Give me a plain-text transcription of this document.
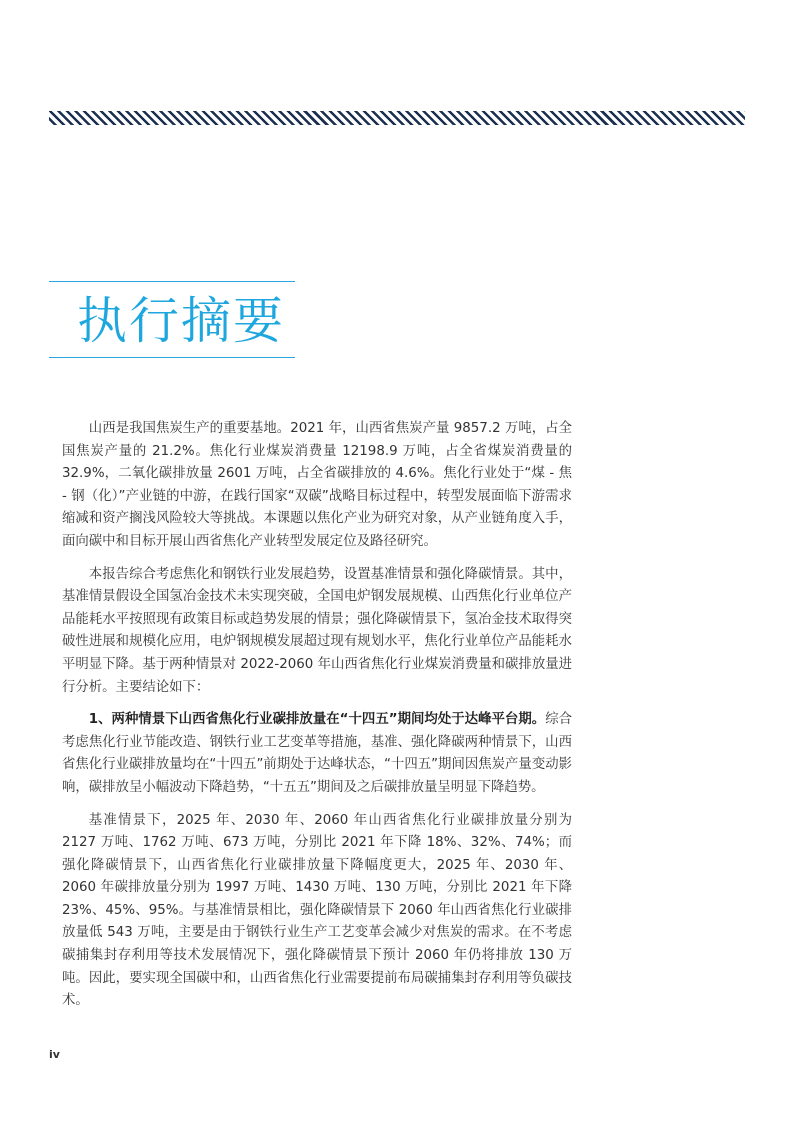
执行摘要

山西是我国焦炭生产的重要基地。2021 年，山西省焦炭产量 9857.2 万吨，占全国焦炭产量的 21.2%。焦化行业煤炭消费量 12198.9 万吨，占全省煤炭消费量的 32.9%，二氧化碳排放量 2601 万吨，占全省碳排放的 4.6%。焦化行业处于“煤 - 焦 - 钢（化）”产业链的中游，在践行国家“双碳”战略目标过程中，转型发展面临下游需求缩减和资产搁浅风险较大等挑战。本课题以焦化产业为研究对象，从产业链角度入手，面向碳中和目标开展山西省焦化产业转型发展定位及路径研究。

本报告综合考虑焦化和钢铁行业发展趋势，设置基准情景和强化降碳情景。其中，基准情景假设全国氢冶金技术未实现突破，全国电炉钢发展规模、山西焦化行业单位产品能耗水平按照现有政策目标或趋势发展的情景；强化降碳情景下，氢冶金技术取得突破性进展和规模化应用，电炉钢规模发展超过现有规划水平，焦化行业单位产品能耗水平明显下降。基于两种情景对 2022-2060 年山西省焦化行业煤炭消费量和碳排放量进行分析。主要结论如下：

1、两种情景下山西省焦化行业碳排放量在“十四五”期间均处于达峰平台期。综合考虑焦化行业节能改造、钢铁行业工艺变革等措施，基准、强化降碳两种情景下，山西省焦化行业碳排放量均在“十四五”前期处于达峰状态，“十四五”期间因焦炭产量变动影响，碳排放呈小幅波动下降趋势，“十五五”期间及之后碳排放量呈明显下降趋势。

基准情景下，2025 年、2030 年、2060 年山西省焦化行业碳排放量分别为 2127 万吨、1762 万吨、673 万吨，分别比 2021 年下降 18%、32%、74%；而强化降碳情景下，山西省焦化行业碳排放量下降幅度更大，2025 年、2030 年、2060 年碳排放量分别为 1997 万吨、1430 万吨、130 万吨，分别比 2021 年下降 23%、45%、95%。与基准情景相比，强化降碳情景下 2060 年山西省焦化行业碳排放量低 543 万吨，主要是由于钢铁行业生产工艺变革会减少对焦炭的需求。在不考虑碳捕集封存利用等技术发展情况下，强化降碳情景下预计 2060 年仍将排放 130 万吨。因此，要实现全国碳中和，山西省焦化行业需要提前布局碳捕集封存利用等负碳技术。

iv
